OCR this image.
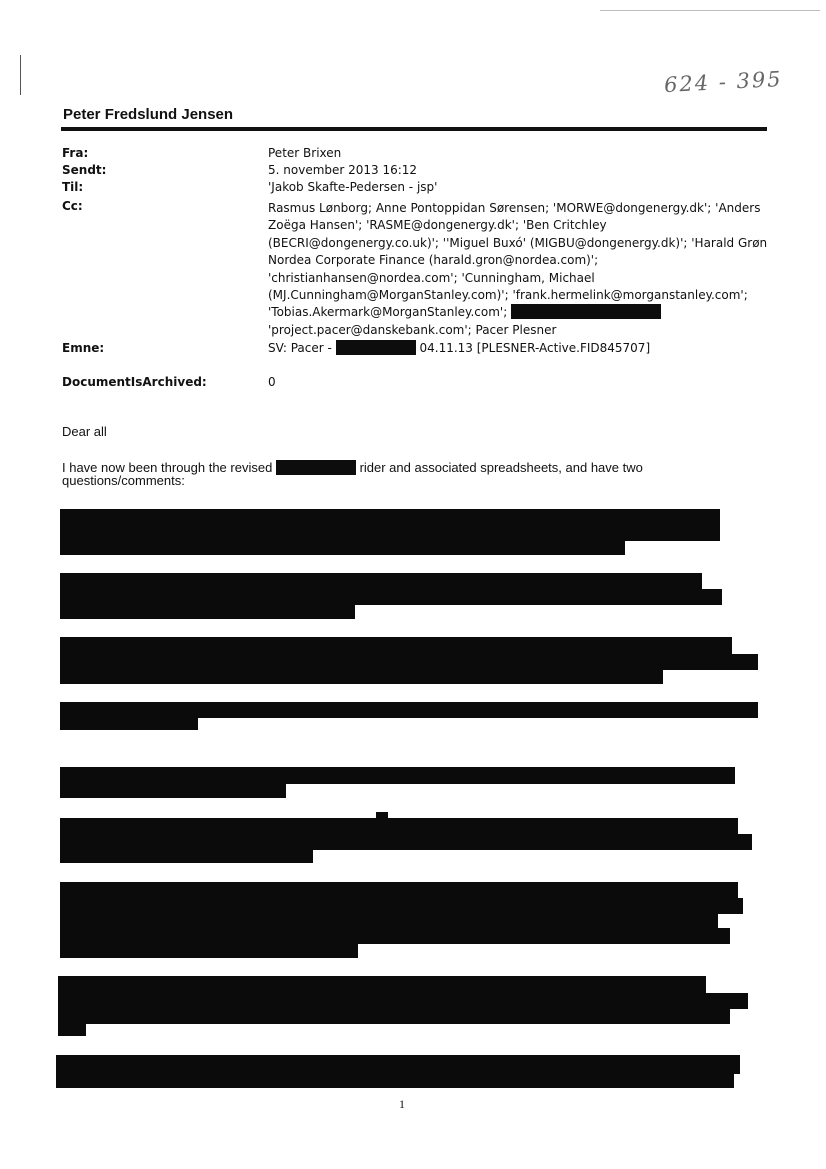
624 - 395
Peter Fredslund Jensen
Fra:	Peter Brixen
Sendt:	5. november 2013 16:12
Til:	'Jakob Skafte-Pedersen - jsp'
Cc:	Rasmus Lønborg; Anne Pontoppidan Sørensen; 'MORWE@dongenergy.dk'; 'Anders
Zoëga Hansen'; 'RASME@dongenergy.dk'; 'Ben Critchley
(BECRI@dongenergy.co.uk)'; ''Miguel Buxó' (MIGBU@dongenergy.dk)'; 'Harald Grøn
Nordea Corporate Finance (harald.gron@nordea.com)';
'christianhansen@nordea.com'; 'Cunningham, Michael
(MJ.Cunningham@MorganStanley.com)'; 'frank.hermelink@morganstanley.com';
'Tobias.Akermark@MorganStanley.com';
'project.pacer@danskebank.com'; Pacer Plesner
Emne:	SV: Pacer -	04.11.13 [PLESNER-Active.FID845707]
DocumentIsArchived:	0
Dear all
I have now been through the revised	rider and associated spreadsheets, and have two
questions/comments:
1
